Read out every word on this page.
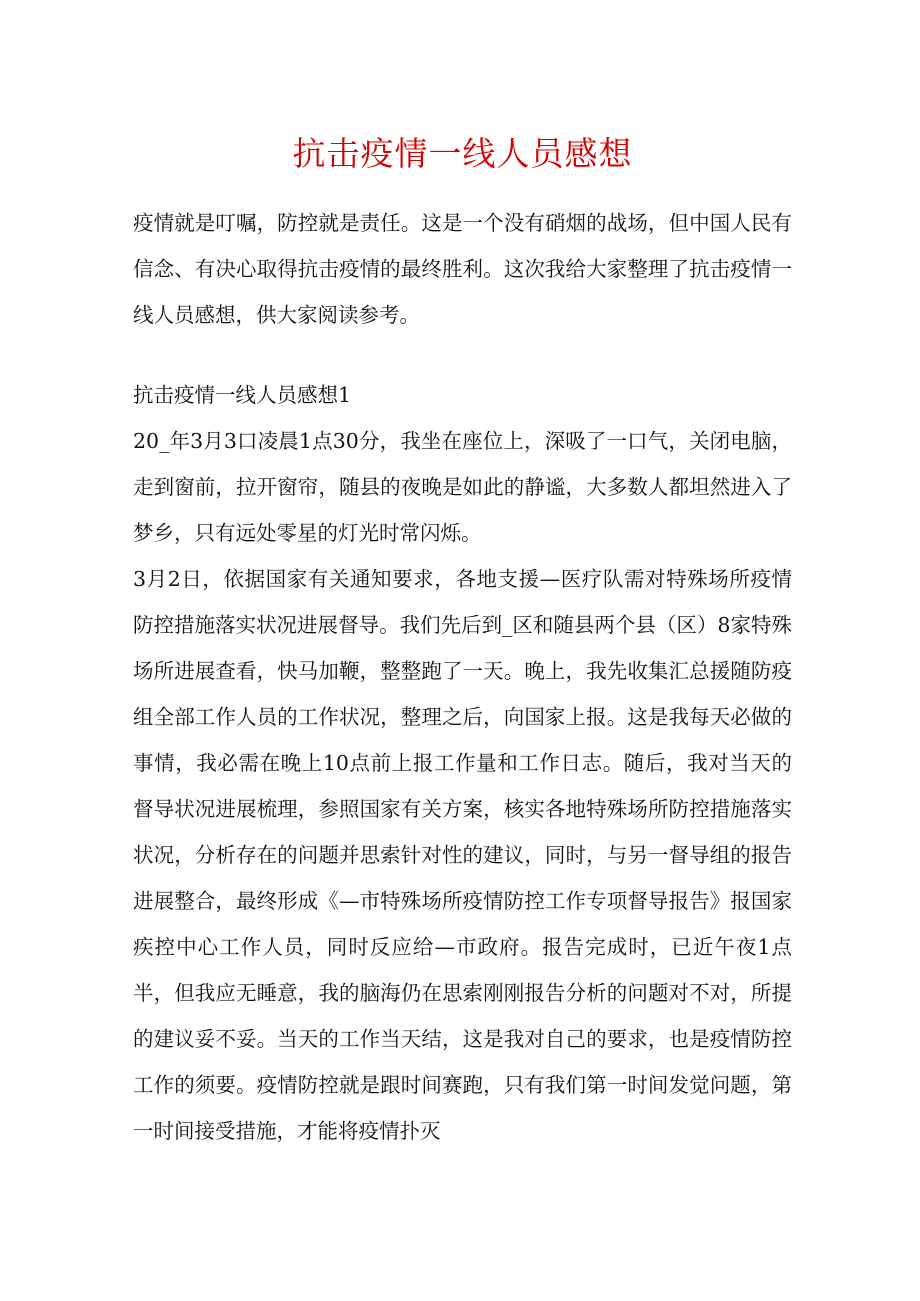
抗击疫情一线人员感想

疫情就是叮嘱，防控就是责任。这是一个没有硝烟的战场，但中国人民有信念、有决心取得抗击疫情的最终胜利。这次我给大家整理了抗击疫情一线人员感想，供大家阅读参考。

抗击疫情一线人员感想1

20_年3月3口凌晨1点30分，我坐在座位上，深吸了一口气，关闭电脑，走到窗前，拉开窗帘，随县的夜晚是如此的静谧，大多数人都坦然进入了梦乡，只有远处零星的灯光时常闪烁。

3月2日，依据国家有关通知要求，各地支援—医疗队需对特殊场所疫情防控措施落实状况进展督导。我们先后到_区和随县两个县（区）8家特殊场所进展查看，快马加鞭，整整跑了一天。晚上，我先收集汇总援随防疫组全部工作人员的工作状况，整理之后，向国家上报。这是我每天必做的事情，我必需在晚上10点前上报工作量和工作日志。随后，我对当天的督导状况进展梳理，参照国家有关方案，核实各地特殊场所防控措施落实状况，分析存在的问题并思索针对性的建议，同时，与另一督导组的报告进展整合，最终形成《—市特殊场所疫情防控工作专项督导报告》报国家疾控中心工作人员，同时反应给—市政府。报告完成时，已近午夜1点半，但我应无睡意，我的脑海仍在思索刚刚报告分析的问题对不对，所提的建议妥不妥。当天的工作当天结，这是我对自己的要求，也是疫情防控工作的须要。疫情防控就是跟时间赛跑，只有我们第一时间发觉问题，第一时间接受措施，才能将疫情扑灭
